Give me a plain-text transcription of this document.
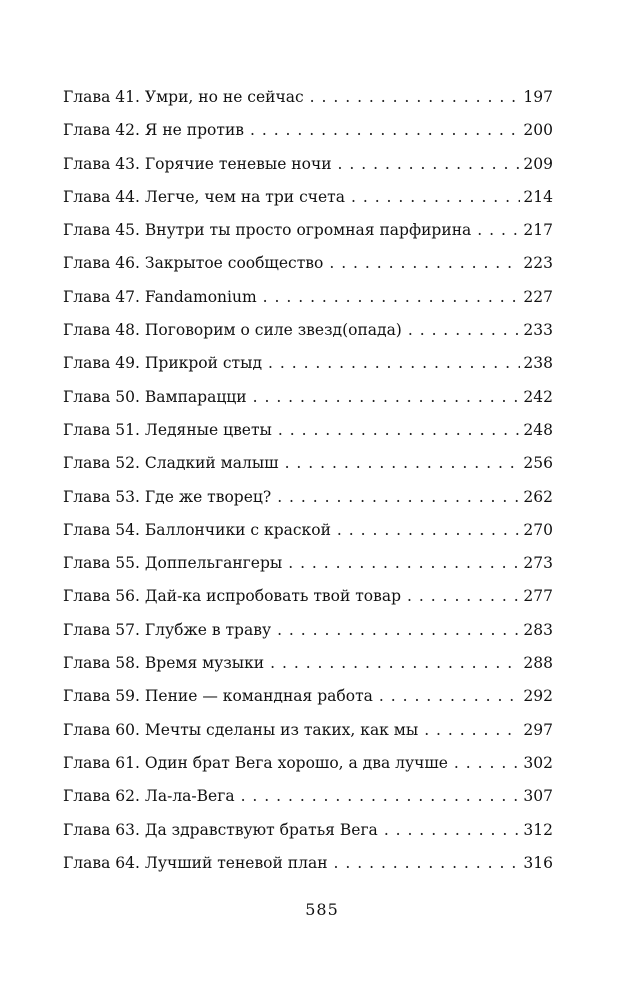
Глава 41. Умри, но не сейчас . . .	197
Глава 42. Я не против . . .	200
Глава 43. Горячие теневые ночи . . .	209
Глава 44. Легче, чем на три счета . . .	214
Глава 45. Внутри ты просто огромная парфирина . . .	217
Глава 46. Закрытое сообщество . . .	223
Глава 47. Fandamonium . . .	227
Глава 48. Поговорим о силе звезд(опада) . . .	233
Глава 49. Прикрой стыд . . .	238
Глава 50. Вампарацци . . .	242
Глава 51. Ледяные цветы . . .	248
Глава 52. Сладкий малыш . . .	256
Глава 53. Где же творец? . . .	262
Глава 54. Баллончики с краской . . .	270
Глава 55. Доппельгангеры . . .	273
Глава 56. Дай-ка испробовать твой товар . . .	277
Глава 57. Глубже в траву . . .	283
Глава 58. Время музыки . . .	288
Глава 59. Пение — командная работа . . .	292
Глава 60. Мечты сделаны из таких, как мы . . .	297
Глава 61. Один брат Вега хорошо, а два лучше . . .	302
Глава 62. Ла-ла-Вега . . .	307
Глава 63. Да здравствуют братья Вега . . .	312
Глава 64. Лучший теневой план . . .	316
585
